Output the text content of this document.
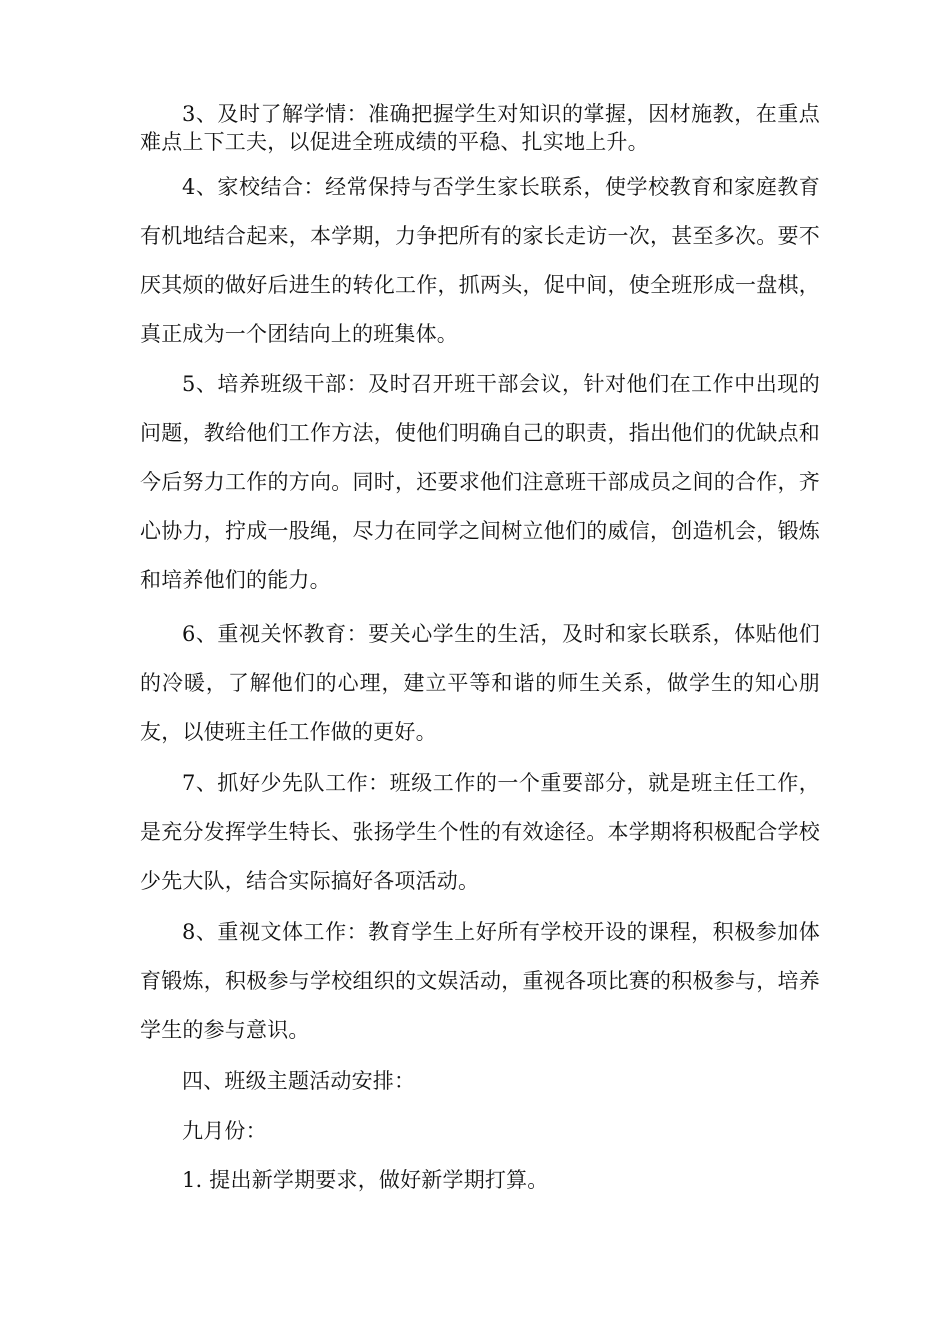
3、及时了解学情：准确把握学生对知识的掌握，因材施教，在重点难点上下工夫，以促进全班成绩的平稳、扎实地上升。

4、家校结合：经常保持与否学生家长联系，使学校教育和家庭教育有机地结合起来，本学期，力争把所有的家长走访一次，甚至多次。要不厌其烦的做好后进生的转化工作，抓两头，促中间，使全班形成一盘棋，真正成为一个团结向上的班集体。

5、培养班级干部：及时召开班干部会议，针对他们在工作中出现的问题，教给他们工作方法，使他们明确自己的职责，指出他们的优缺点和今后努力工作的方向。同时，还要求他们注意班干部成员之间的合作，齐心协力，拧成一股绳，尽力在同学之间树立他们的威信，创造机会，锻炼和培养他们的能力。

6、重视关怀教育：要关心学生的生活，及时和家长联系，体贴他们的冷暖，了解他们的心理，建立平等和谐的师生关系，做学生的知心朋友，以使班主任工作做的更好。

7、抓好少先队工作：班级工作的一个重要部分，就是班主任工作，是充分发挥学生特长、张扬学生个性的有效途径。本学期将积极配合学校少先大队，结合实际搞好各项活动。

8、重视文体工作：教育学生上好所有学校开设的课程，积极参加体育锻炼，积极参与学校组织的文娱活动，重视各项比赛的积极参与，培养学生的参与意识。

四、班级主题活动安排：

九月份：

1. 提出新学期要求，做好新学期打算。
